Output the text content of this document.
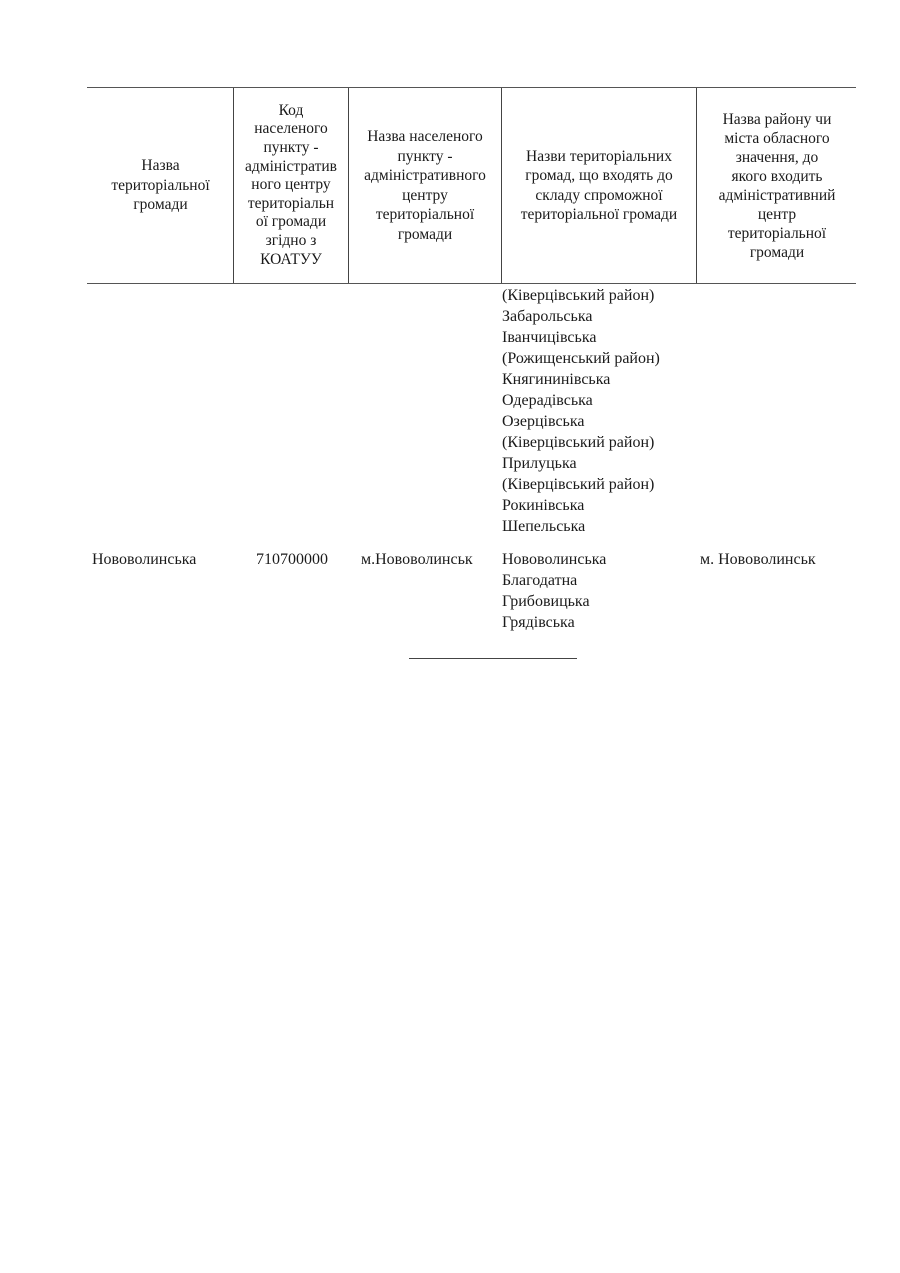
Назва
територіальної
громади
Код
населеного
пункту -
адміністратив
ного центру
територіальн
ої громади
згідно з
КОАТУУ
Назва населеного
пункту -
адміністративного
центру
територіальної
громади
Назви територіальних
громад, що входять до
складу спроможної
територіальної громади
Назва району чи
міста обласного
значення, до
якого входить
адміністративний
центр
територіальної
громади
(Ківерцівський район)
Забарольська
Іванчицівська
(Рожищенський район)
Княгининівська
Одерадівська
Озерцівська
(Ківерцівський район)
Прилуцька
(Ківерцівський район)
Рокинівська
Шепельська
Нововолинська	710700000 м.Нововолинськ Нововолинська
Благодатна
Грибовицька
Грядівська
м. Нововолинськ
